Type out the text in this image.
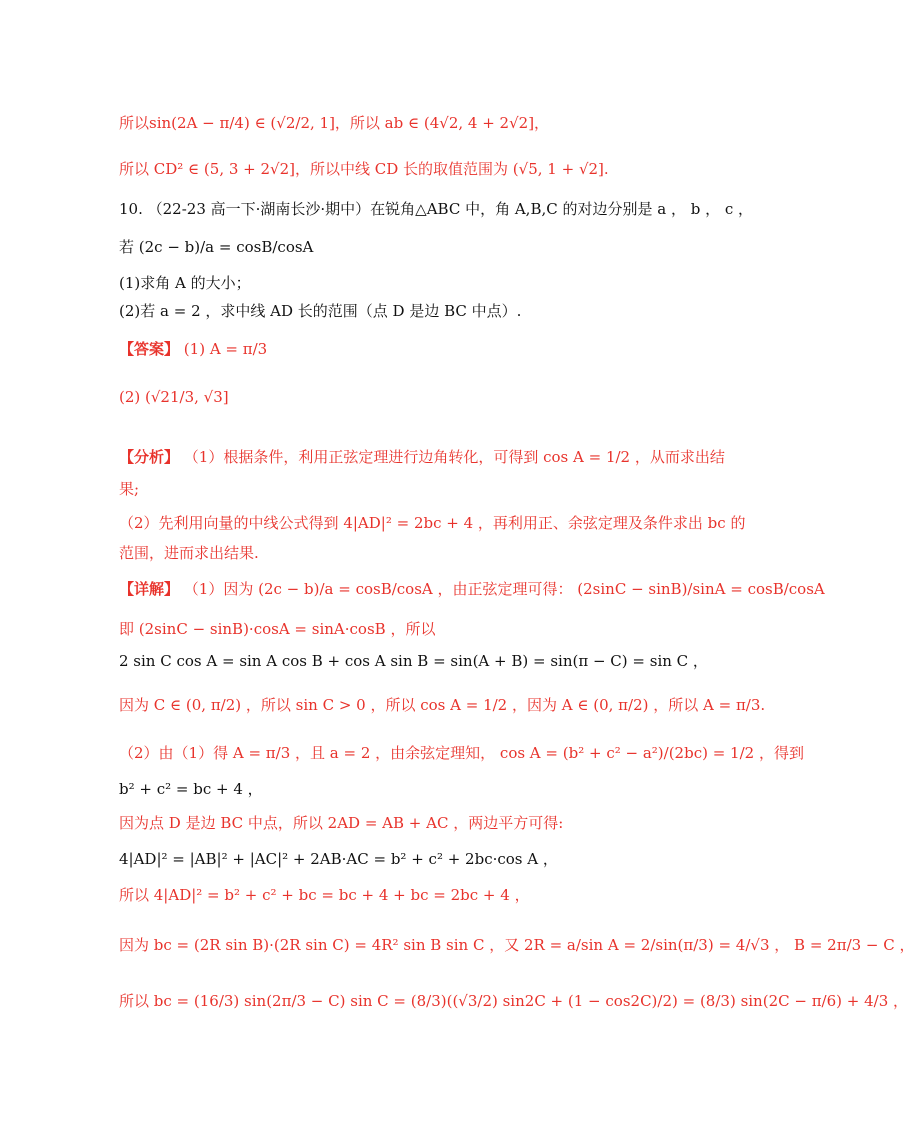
所以sin(2A − π/4) ∈ (√2/2, 1]，所以 ab ∈ (4√2, 4 + 2√2]，
所以 CD² ∈ (5, 3 + 2√2]，所以中线 CD 长的取值范围为 (√5, 1 + √2].
10. （22-23 高一下·湖南长沙·期中）在锐角△ABC 中，角 A,B,C 的对边分别是 a ， b ， c ，
若 (2c − b)/a = cosB/cosA
(1)求角 A 的大小；
(2)若 a = 2 ，求中线 AD 长的范围（点 D 是边 BC 中点）.
【答案】 (1) A = π/3
(2) (√21/3, √3]
【分析】 （1）根据条件，利用正弦定理进行边角转化，可得到 cos A = 1/2 ，从而求出结
果;
（2）先利用向量的中线公式得到 4|AD|² = 2bc + 4 ，再利用正、余弦定理及条件求出 bc 的
范围，进而求出结果.
【详解】 （1）因为 (2c − b)/a = cosB/cosA ，由正弦定理可得： (2sinC − sinB)/sinA = cosB/cosA
即 (2sinC − sinB)·cosA = sinA·cosB ，所以
2 sin C cos A = sin A cos B + cos A sin B = sin(A + B) = sin(π − C) = sin C ，
因为 C ∈ (0, π/2) ，所以 sin C > 0 ，所以 cos A = 1/2 ，因为 A ∈ (0, π/2) ，所以 A = π/3.
（2）由（1）得 A = π/3 ，且 a = 2 ，由余弦定理知， cos A = (b² + c² − a²)/(2bc) = 1/2 ，得到
b² + c² = bc + 4 ，
因为点 D 是边 BC 中点，所以 2AD = AB + AC ，两边平方可得:
4|AD|² = |AB|² + |AC|² + 2AB·AC = b² + c² + 2bc·cos A ，
所以 4|AD|² = b² + c² + bc = bc + 4 + bc = 2bc + 4 ，
因为 bc = (2R sin B)·(2R sin C) = 4R² sin B sin C ，又 2R = a/sin A = 2/sin(π/3) = 4/√3 ， B = 2π/3 − C ，
所以 bc = (16/3) sin(2π/3 − C) sin C = (8/3)((√3/2) sin2C + (1 − cos2C)/2) = (8/3) sin(2C − π/6) + 4/3 ，
